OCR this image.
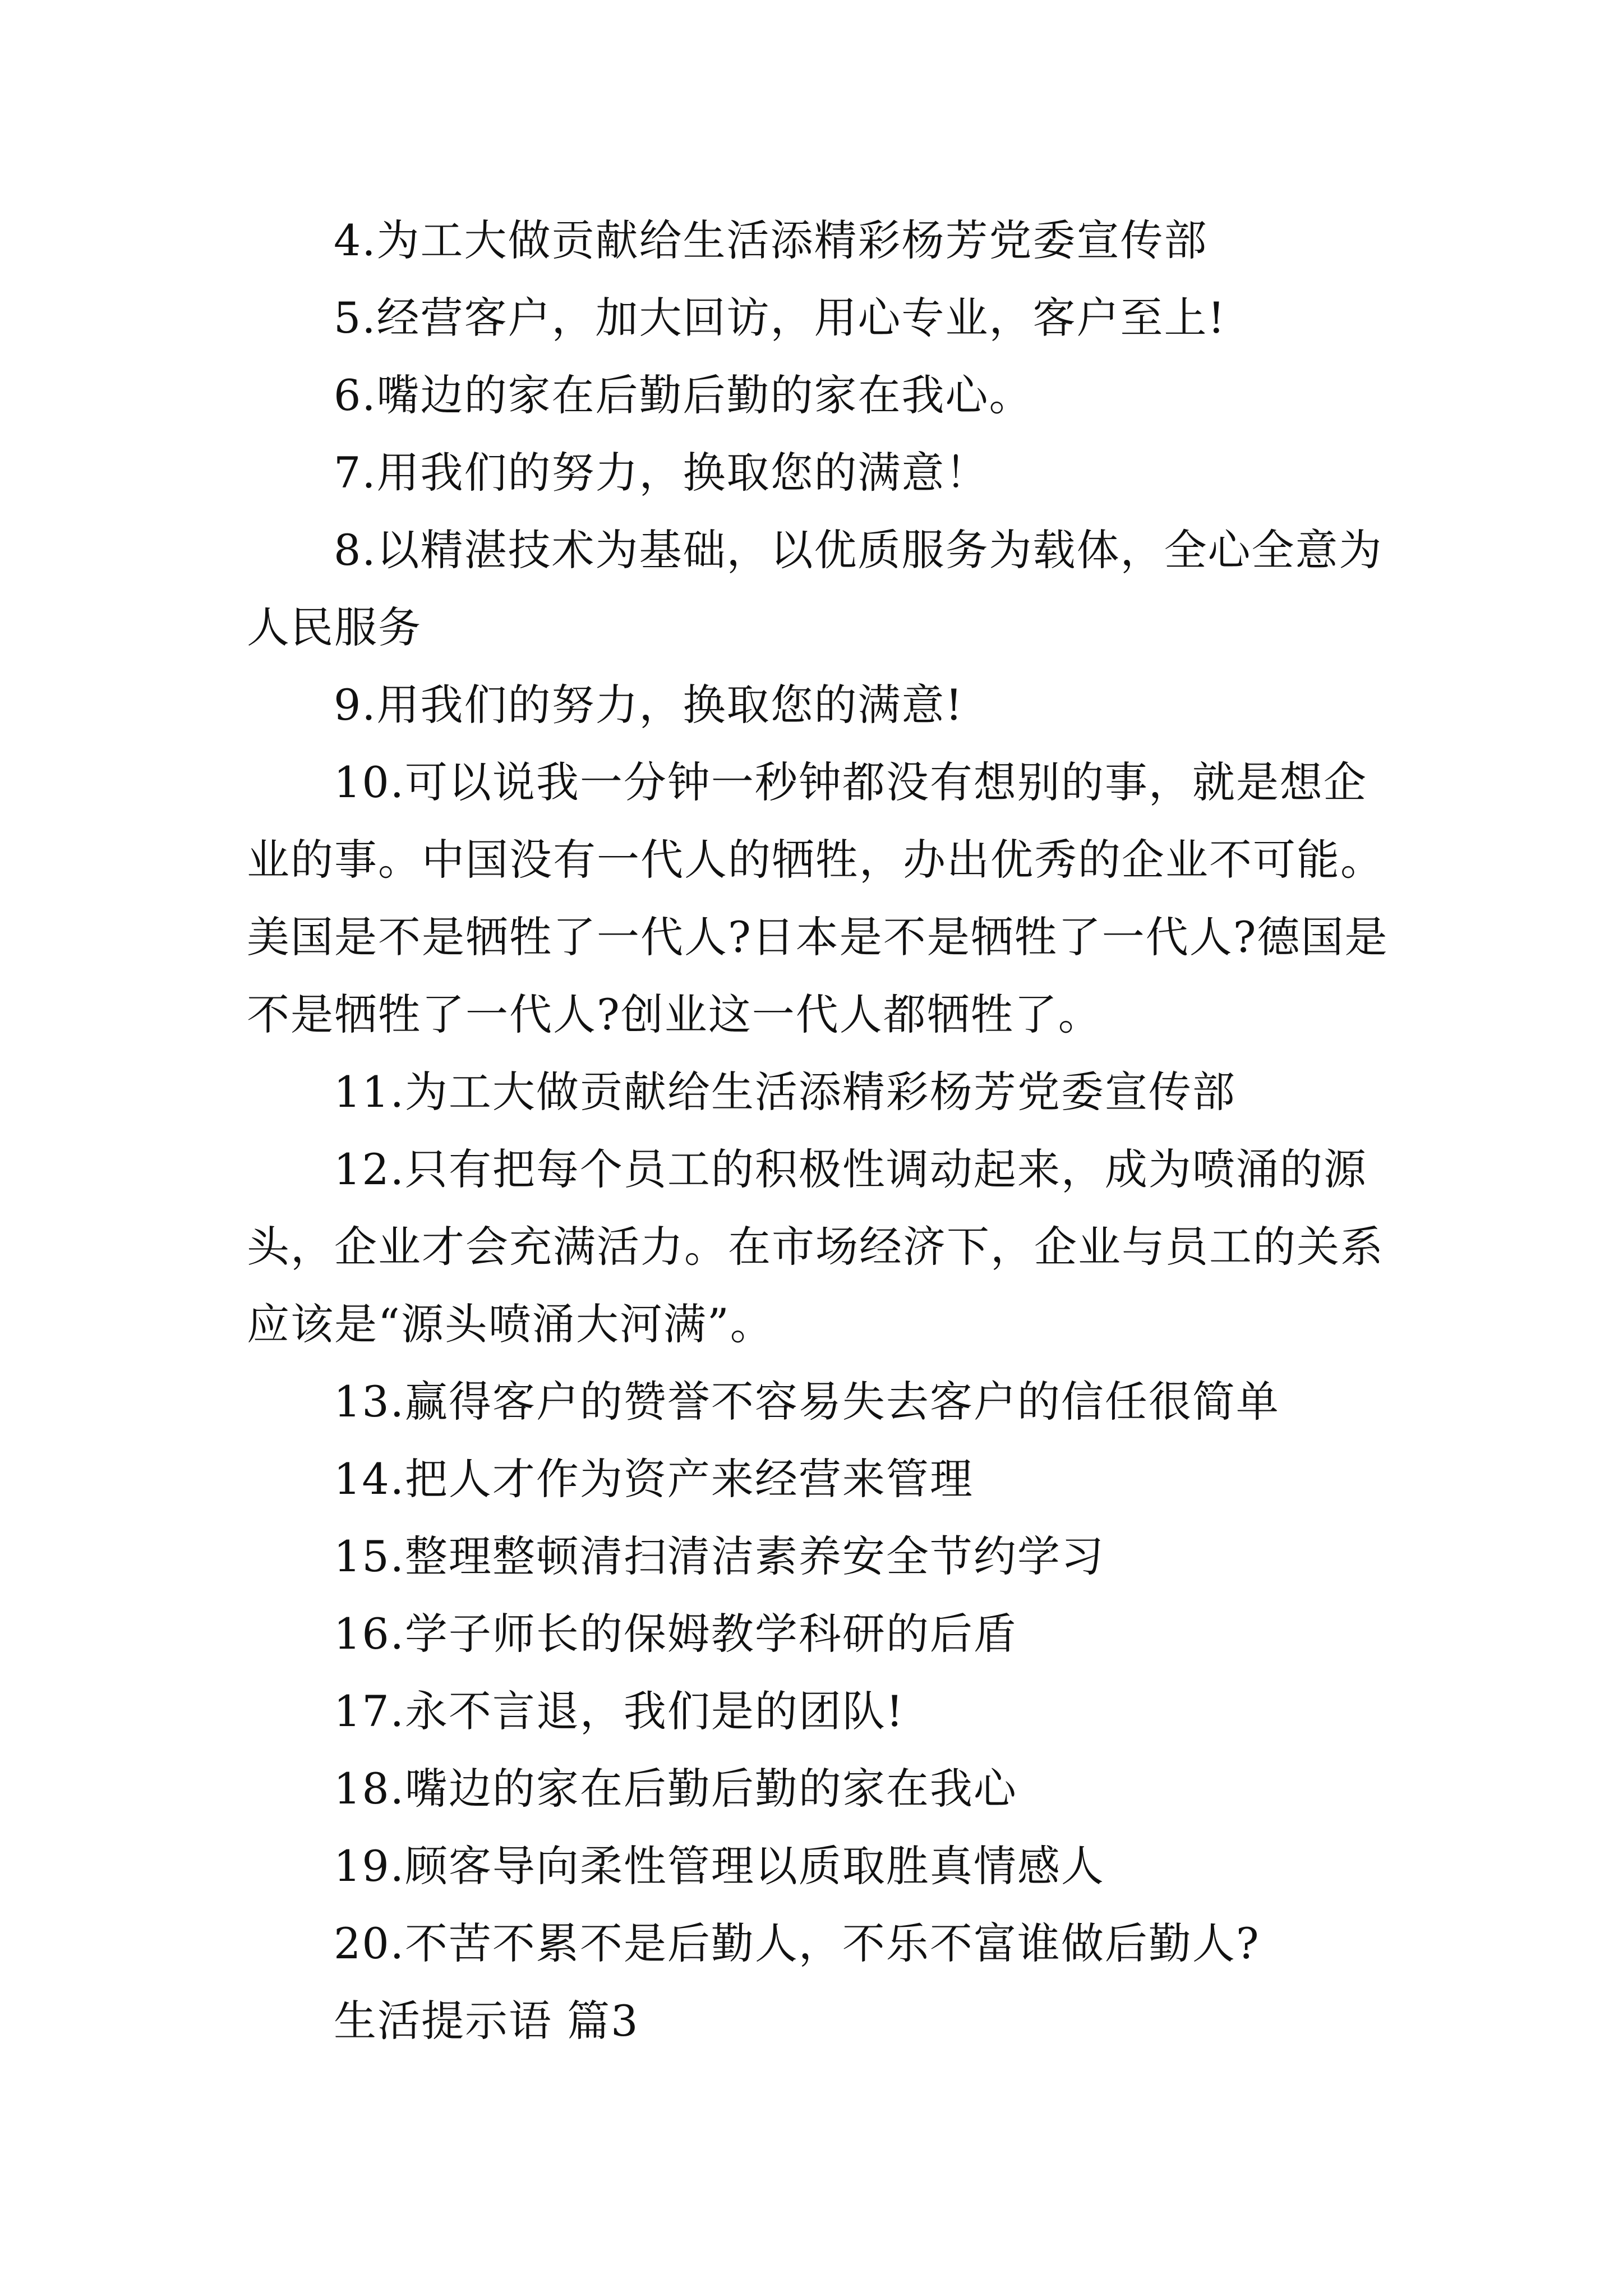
4.为工大做贡献给生活添精彩杨芳党委宣传部

5.经营客户，加大回访，用心专业，客户至上!

6.嘴边的家在后勤后勤的家在我心。

7.用我们的努力，换取您的满意！

8.以精湛技术为基础，以优质服务为载体，全心全意为人民服务

9.用我们的努力，换取您的满意!

10.可以说我一分钟一秒钟都没有想别的事，就是想企业的事。中国没有一代人的牺牲，办出优秀的企业不可能。美国是不是牺牲了一代人?日本是不是牺牲了一代人?德国是不是牺牲了一代人?创业这一代人都牺牲了。

11.为工大做贡献给生活添精彩杨芳党委宣传部

12.只有把每个员工的积极性调动起来，成为喷涌的源头，企业才会充满活力。在市场经济下，企业与员工的关系应该是“源头喷涌大河满”。

13.赢得客户的赞誉不容易失去客户的信任很简单

14.把人才作为资产来经营来管理

15.整理整顿清扫清洁素养安全节约学习

16.学子师长的保姆教学科研的后盾

17.永不言退，我们是的团队!

18.嘴边的家在后勤后勤的家在我心

19.顾客导向柔性管理以质取胜真情感人

20.不苦不累不是后勤人，不乐不富谁做后勤人?

生活提示语 篇3
